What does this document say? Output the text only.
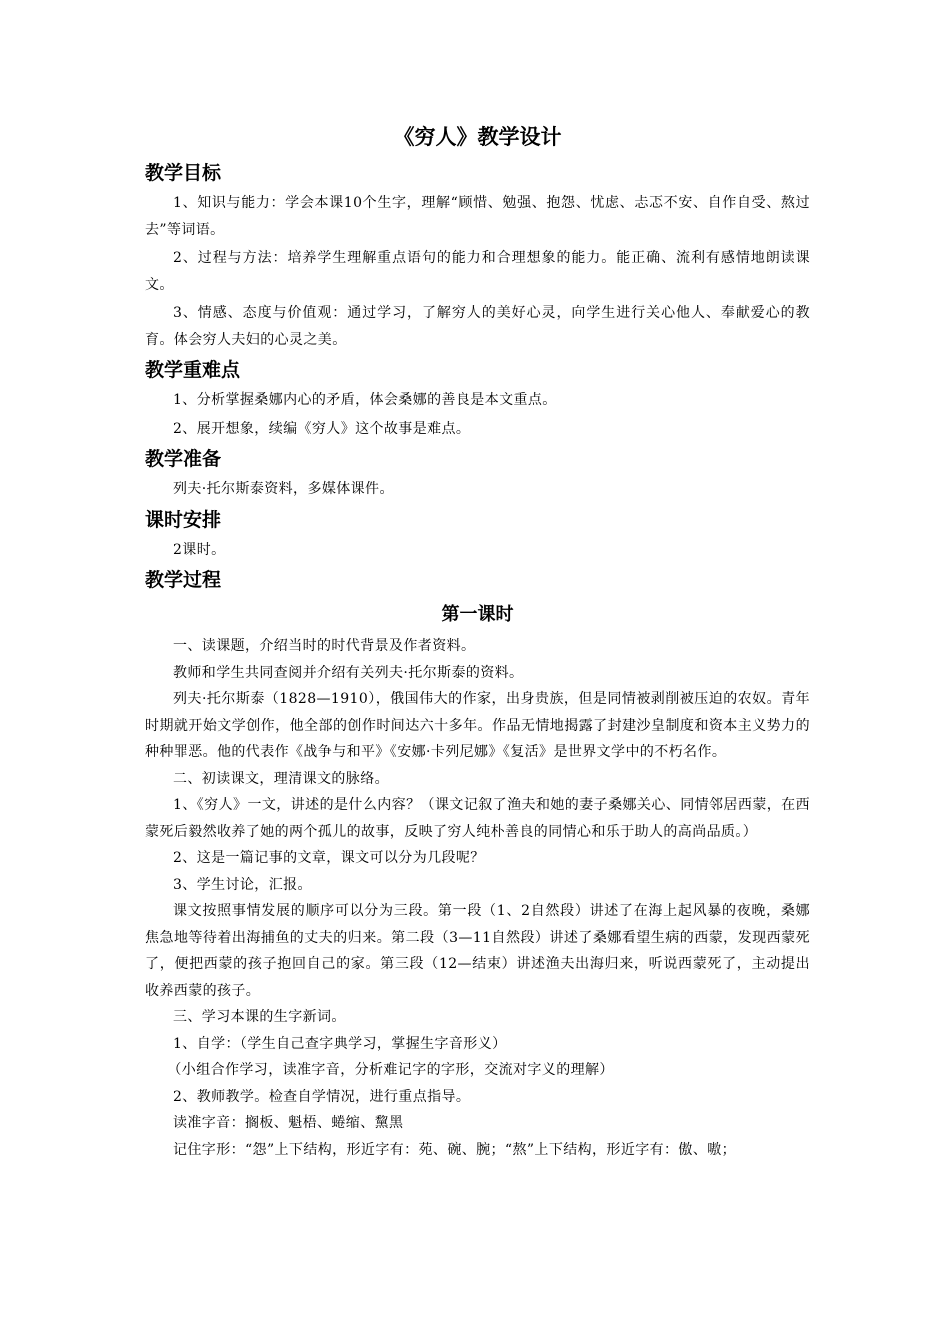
《穷人》教学设计
教学目标

1、知识与能力：学会本课10个生字，理解“顾惜、勉强、抱怨、忧虑、忐忑不安、自作自受、熬过去”等词语。

2、过程与方法：培养学生理解重点语句的能力和合理想象的能力。能正确、流利有感情地朗读课文。

3、情感、态度与价值观：通过学习，了解穷人的美好心灵，向学生进行关心他人、奉献爱心的教育。体会穷人夫妇的心灵之美。

教学重难点

1、分析掌握桑娜内心的矛盾，体会桑娜的善良是本文重点。

2、展开想象，续编《穷人》这个故事是难点。

教学准备

列夫·托尔斯泰资料，多媒体课件。

课时安排

2课时。

教学过程
第一课时

一、读课题，介绍当时的时代背景及作者资料。

教师和学生共同查阅并介绍有关列夫·托尔斯泰的资料。

列夫·托尔斯泰（1828—1910），俄国伟大的作家，出身贵族，但是同情被剥削被压迫的农奴。青年时期就开始文学创作，他全部的创作时间达六十多年。作品无情地揭露了封建沙皇制度和资本主义势力的种种罪恶。他的代表作《战争与和平》《安娜·卡列尼娜》《复活》是世界文学中的不朽名作。

二、初读课文，理清课文的脉络。

1、《穷人》一文，讲述的是什么内容？（课文记叙了渔夫和她的妻子桑娜关心、同情邻居西蒙，在西蒙死后毅然收养了她的两个孤儿的故事，反映了穷人纯朴善良的同情心和乐于助人的高尚品质。）

2、这是一篇记事的文章，课文可以分为几段呢？

3、学生讨论，汇报。

课文按照事情发展的顺序可以分为三段。第一段（1、2自然段）讲述了在海上起风暴的夜晚，桑娜焦急地等待着出海捕鱼的丈夫的归来。第二段（3—11自然段）讲述了桑娜看望生病的西蒙，发现西蒙死了，便把西蒙的孩子抱回自己的家。第三段（12—结束）讲述渔夫出海归来，听说西蒙死了，主动提出收养西蒙的孩子。

三、学习本课的生字新词。

1、自学：（学生自己查字典学习，掌握生字音形义）

（小组合作学习，读准字音，分析难记字的字形，交流对字义的理解）

2、教师教学。检查自学情况，进行重点指导。

读准字音：搁板、魁梧、蜷缩、黧黑

记住字形：“怨”上下结构，形近字有：苑、碗、腕；“熬”上下结构，形近字有：傲、嗷；
